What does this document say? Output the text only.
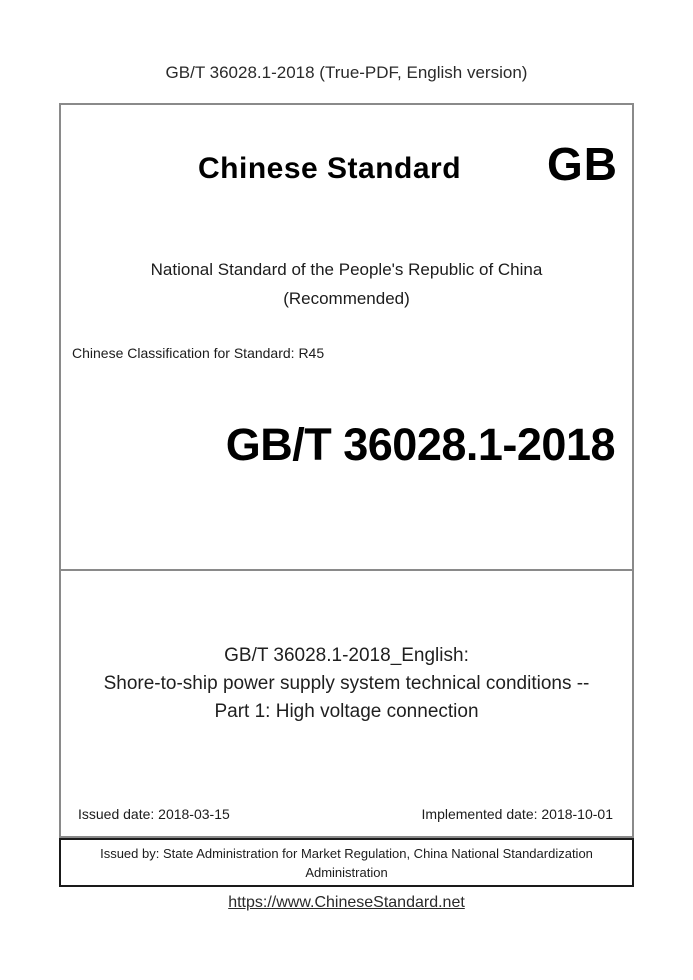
GB/T 36028.1-2018 (True-PDF, English version)
Chinese Standard GB
National Standard of the People's Republic of China
(Recommended)
Chinese Classification for Standard: R45
GB/T 36028.1-2018
GB/T 36028.1-2018_English:
Shore-to-ship power supply system technical conditions --
Part 1: High voltage connection
Issued date: 2018-03-15	Implemented date: 2018-10-01
Issued by: State Administration for Market Regulation, China National Standardization Administration
https://www.ChineseStandard.net
